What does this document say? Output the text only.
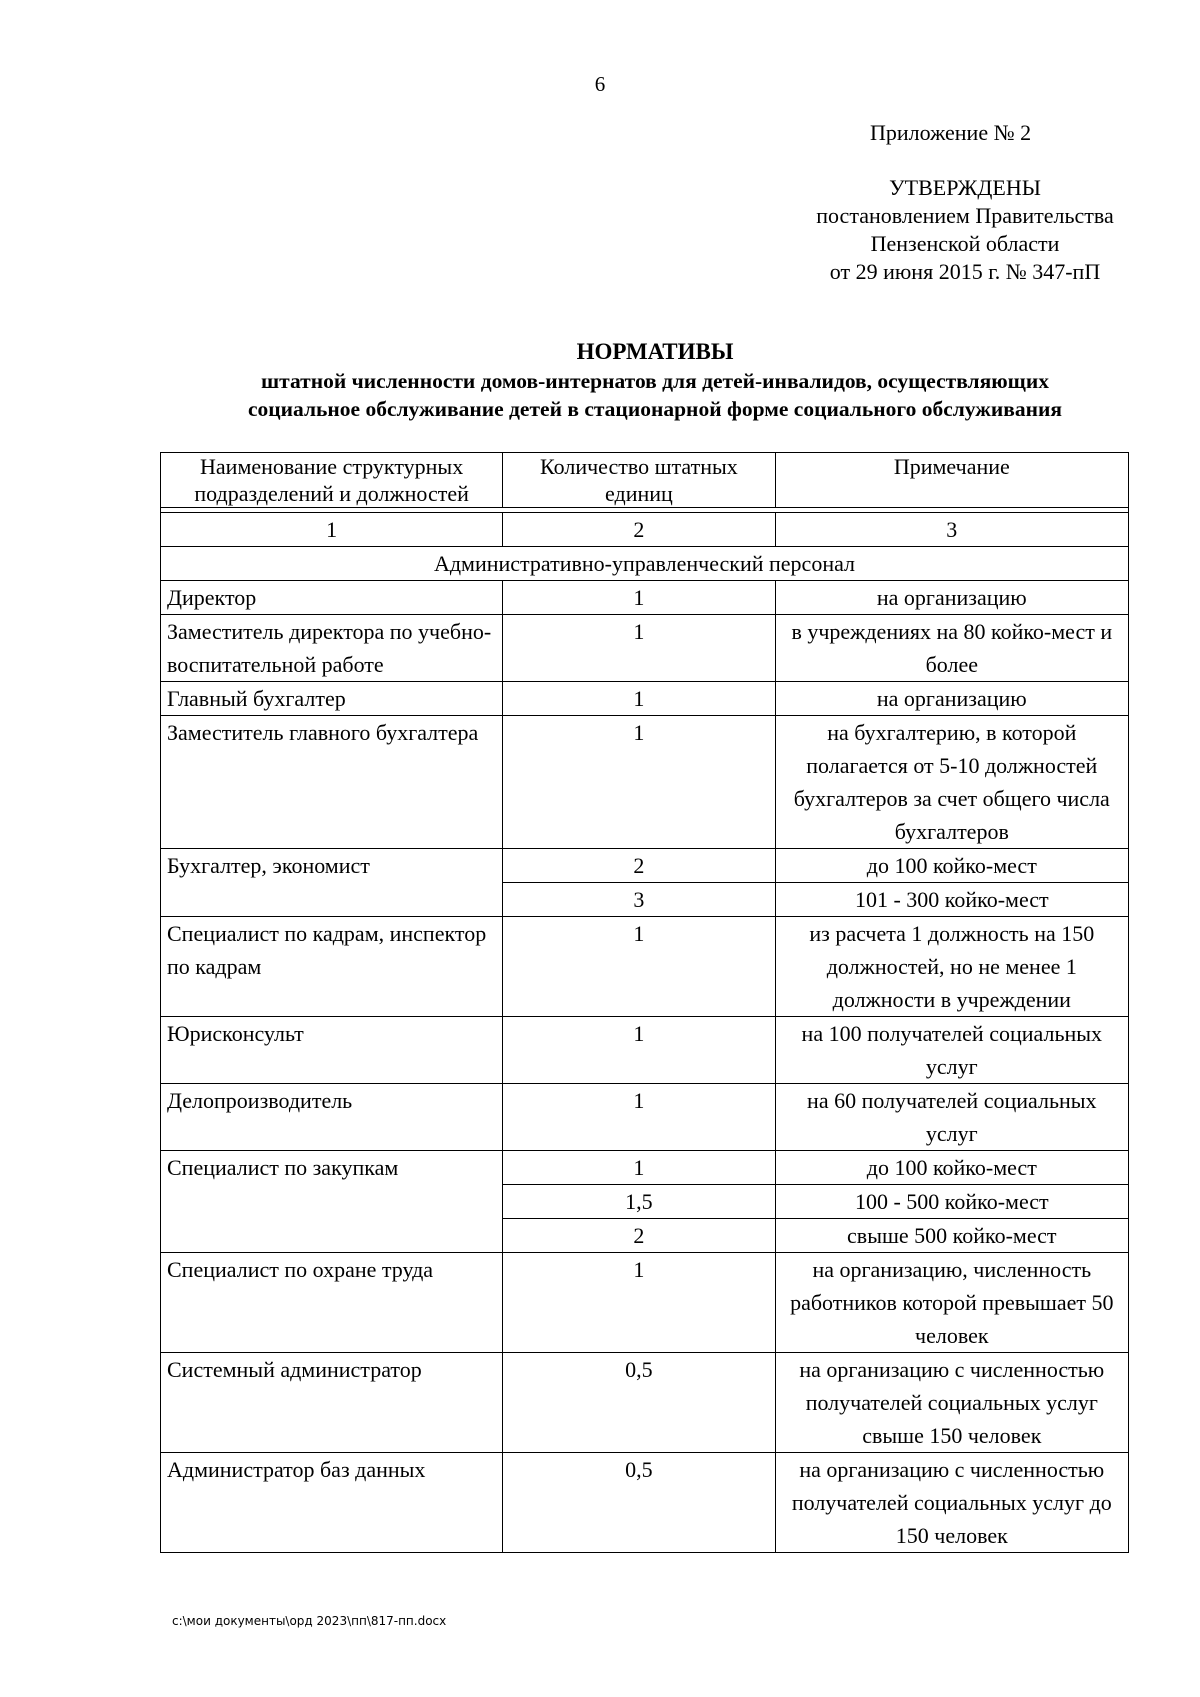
6
Приложение № 2
УТВЕРЖДЕНЫ
постановлением Правительства
Пензенской области
от 29 июня 2015 г. № 347-пП
НОРМАТИВЫ
штатной численности домов-интернатов для детей-инвалидов, осуществляющих
социальное обслуживание детей в стационарной форме социального обслуживания
Наименование структурных подразделений и должностей	Количество штатных единиц	Примечание

1	2	3
Административно-управленческий персонал		
Директор	1	на организацию
Заместитель директора по учебно-воспитательной работе	1	в учреждениях на 80 койко-мест и более
Главный бухгалтер	1	на организацию
Заместитель главного бухгалтера	1	на бухгалтерию, в которой полагается от 5-10 должностей бухгалтеров за счет общего числа бухгалтеров
Бухгалтер, экономист	2	до 100 койко-мест
	3	101 - 300 койко-мест
Специалист по кадрам, инспектор по кадрам	1	из расчета 1 должность на 150 должностей, но не менее 1 должности в учреждении
Юрисконсульт	1	на 100 получателей социальных услуг
Делопроизводитель	1	на 60 получателей социальных услуг
Специалист по закупкам	1	до 100 койко-мест
	1,5	100 - 500 койко-мест
	2	свыше 500 койко-мест
Специалист по охране труда	1	на организацию, численность работников которой превышает 50 человек
Системный администратор	0,5	на организацию с численностью получателей социальных услуг свыше 150 человек
Администратор баз данных	0,5	на организацию с численностью получателей социальных услуг до 150 человек
c:\мои документы\орд 2023\пп\817-пп.docx
